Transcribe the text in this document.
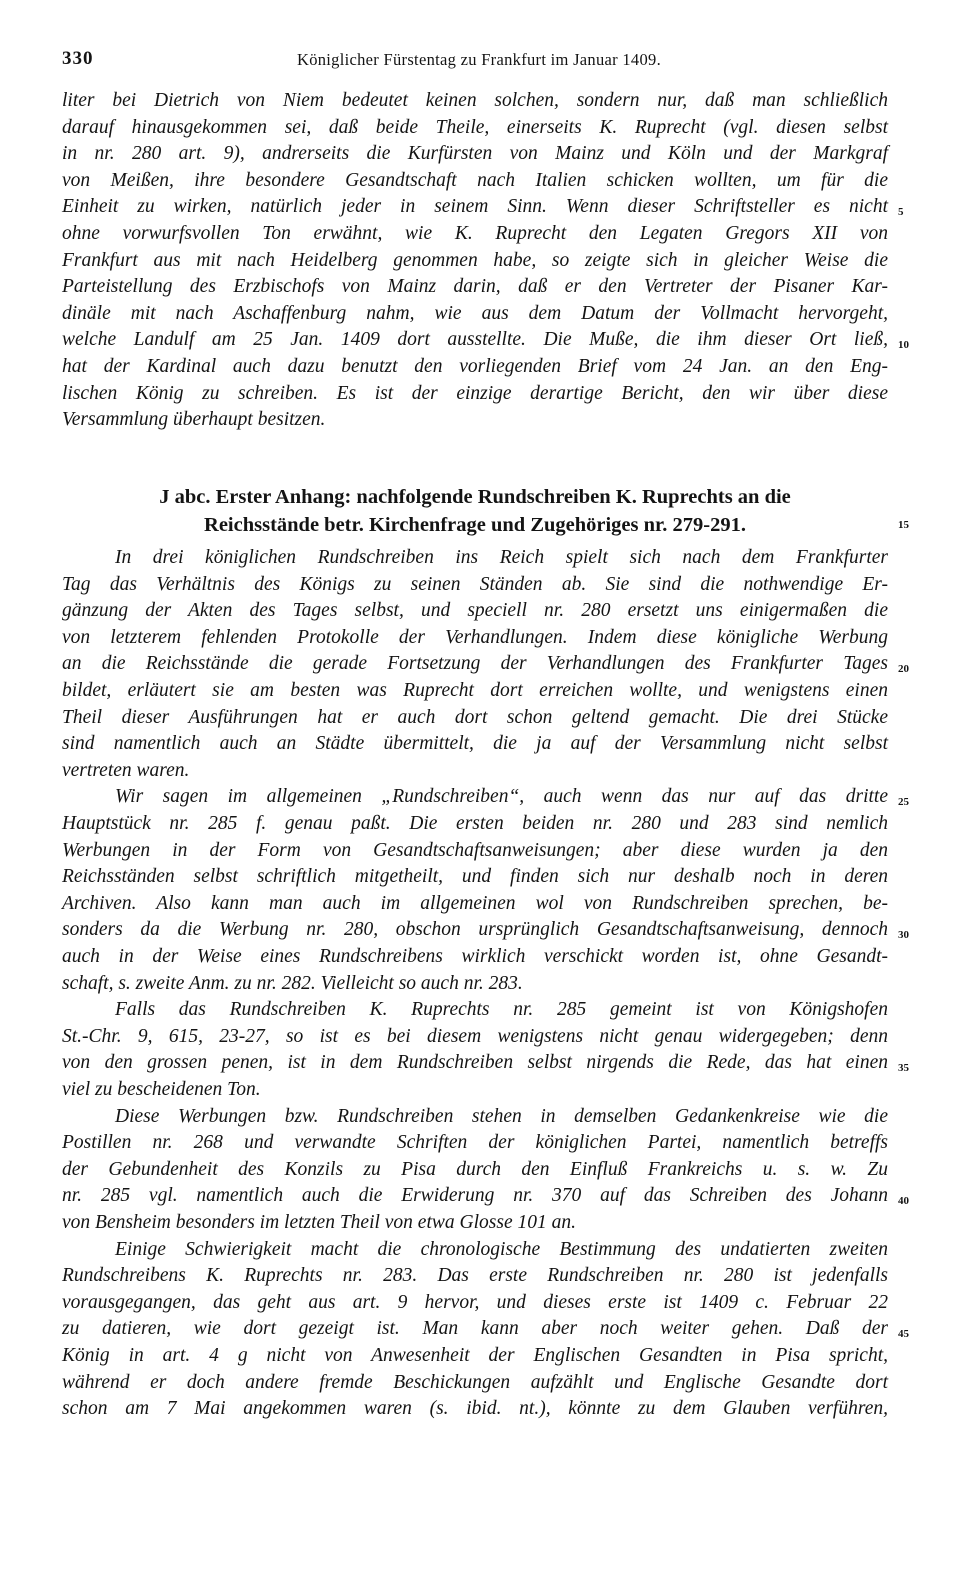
330	Königlicher Fürstentag zu Frankfurt im Januar 1409.
liter bei Dietrich von Niem bedeutet keinen solchen, sondern nur, daß man schließlich
darauf hinausgekommen sei, daß beide Theile, einerseits K. Ruprecht (vgl. diesen selbst
in nr. 280 art. 9), andrerseits die Kurfürsten von Mainz und Köln und der Markgraf
von Meißen, ihre besondere Gesandtschaft nach Italien schicken wollten, um für die
Einheit zu wirken, natürlich jeder in seinem Sinn. Wenn dieser Schriftsteller es nicht
ohne vorwurfsvollen Ton erwähnt, wie K. Ruprecht den Legaten Gregors XII von
Frankfurt aus mit nach Heidelberg genommen habe, so zeigte sich in gleicher Weise die
Parteistellung des Erzbischofs von Mainz darin, daß er den Vertreter der Pisaner Kar-
dinäle mit nach Aschaffenburg nahm, wie aus dem Datum der Vollmacht hervorgeht,
welche Landulf am 25 Jan. 1409 dort ausstellte. Die Muße, die ihm dieser Ort ließ,
hat der Kardinal auch dazu benutzt den vorliegenden Brief vom 24 Jan. an den Eng-
lischen König zu schreiben. Es ist der einzige derartige Bericht, den wir über diese
Versammlung überhaupt besitzen.
J abc. Erster Anhang: nachfolgende Rundschreiben K. Ruprechts an die
Reichsstände betr. Kirchenfrage und Zugehöriges nr. 279-291.
In drei königlichen Rundschreiben ins Reich spielt sich nach dem Frankfurter
Tag das Verhältnis des Königs zu seinen Ständen ab. Sie sind die nothwendige Er-
gänzung der Akten des Tages selbst, und speciell nr. 280 ersetzt uns einigermaßen die
von letzterem fehlenden Protokolle der Verhandlungen. Indem diese königliche Werbung
an die Reichsstände die gerade Fortsetzung der Verhandlungen des Frankfurter Tages
bildet, erläutert sie am besten was Ruprecht dort erreichen wollte, und wenigstens einen
Theil dieser Ausführungen hat er auch dort schon geltend gemacht. Die drei Stücke
sind namentlich auch an Städte übermittelt, die ja auf der Versammlung nicht selbst
vertreten waren.
Wir sagen im allgemeinen „Rundschreiben“, auch wenn das nur auf das dritte
Hauptstück nr. 285 f. genau paßt. Die ersten beiden nr. 280 und 283 sind nemlich
Werbungen in der Form von Gesandtschaftsanweisungen; aber diese wurden ja den
Reichsständen selbst schriftlich mitgetheilt, und finden sich nur deshalb noch in deren
Archiven. Also kann man auch im allgemeinen wol von Rundschreiben sprechen, be-
sonders da die Werbung nr. 280, obschon ursprünglich Gesandtschaftsanweisung, dennoch
auch in der Weise eines Rundschreibens wirklich verschickt worden ist, ohne Gesandt-
schaft, s. zweite Anm. zu nr. 282. Vielleicht so auch nr. 283.
Falls das Rundschreiben K. Ruprechts nr. 285 gemeint ist von Königshofen
St.-Chr. 9, 615, 23-27, so ist es bei diesem wenigstens nicht genau widergegeben; denn
von den grossen penen, ist in dem Rundschreiben selbst nirgends die Rede, das hat einen
viel zu bescheidenen Ton.
Diese Werbungen bzw. Rundschreiben stehen in demselben Gedankenkreise wie die
Postillen nr. 268 und verwandte Schriften der königlichen Partei, namentlich betreffs
der Gebundenheit des Konzils zu Pisa durch den Einfluß Frankreichs u. s. w. Zu
nr. 285 vgl. namentlich auch die Erwiderung nr. 370 auf das Schreiben des Johann
von Bensheim besonders im letzten Theil von etwa Glosse 101 an.
Einige Schwierigkeit macht die chronologische Bestimmung des undatierten zweiten
Rundschreibens K. Ruprechts nr. 283. Das erste Rundschreiben nr. 280 ist jedenfalls
vorausgegangen, das geht aus art. 9 hervor, und dieses erste ist 1409 c. Februar 22
zu datieren, wie dort gezeigt ist. Man kann aber noch weiter gehen. Daß der
König in art. 4 g nicht von Anwesenheit der Englischen Gesandten in Pisa spricht,
während er doch andere fremde Beschickungen aufzählt und Englische Gesandte dort
schon am 7 Mai angekommen waren (s. ibid. nt.), könnte zu dem Glauben verführen,
5
10
15
20
25
30
35
40
45
